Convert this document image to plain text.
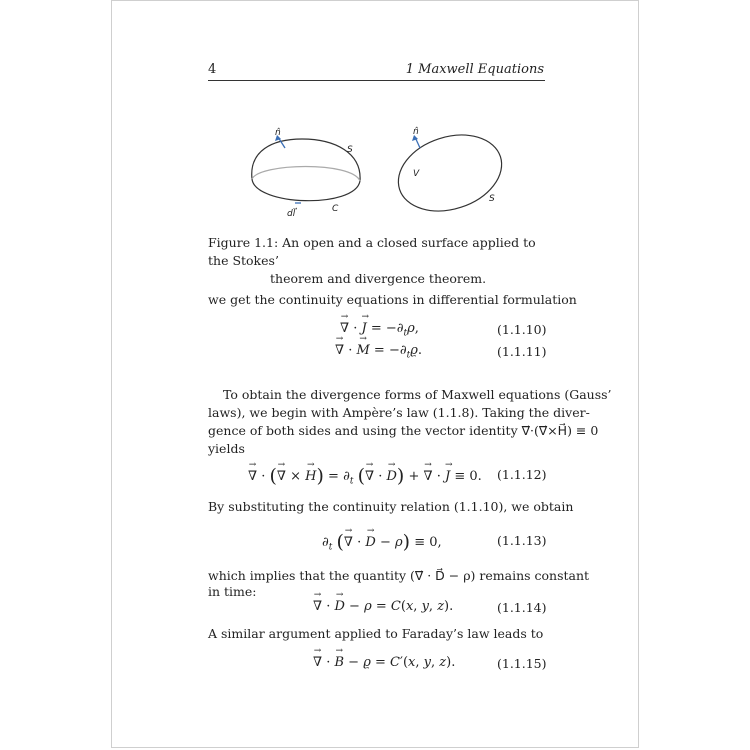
4	1 Maxwell Equations
n̂
S
dl⃗	C
n̂
V
S
Figure 1.1: An open and a closed surface applied to the Stokes’
theorem and divergence theorem.
we get the continuity equations in differential formulation
∇ → · J → = $-\partial_t\rho$,	(1.1.10)
∇ → · M → = $-\partial_tϱ$.	(1.1.11)
To obtain the divergence forms of Maxwell equations (Gauss’
laws), we begin with Ampère’s law (1.1.8). Taking the diver-
gence of both sides and using the vector identity ∇⃗·(∇⃗×H⃗) ≡ 0
yields
∇ → · (∇ → × H →) = $\partial_t$ (∇ → · D →) + ∇ → · J → ≡ 0. (1.1.12)
By substituting the continuity relation (1.1.10), we obtain
$\partial_t$ (∇ → · D → − ρ) ≡ 0,	(1.1.13)
which implies that the quantity (∇⃗ · D⃗ − ρ) remains constant
in time:
∇ → · D → − ρ = C(x, y, z).	(1.1.14)
A similar argument applied to Faraday’s law leads to
∇ → · B → − ϱ = C′(x, y, z).	(1.1.15)
